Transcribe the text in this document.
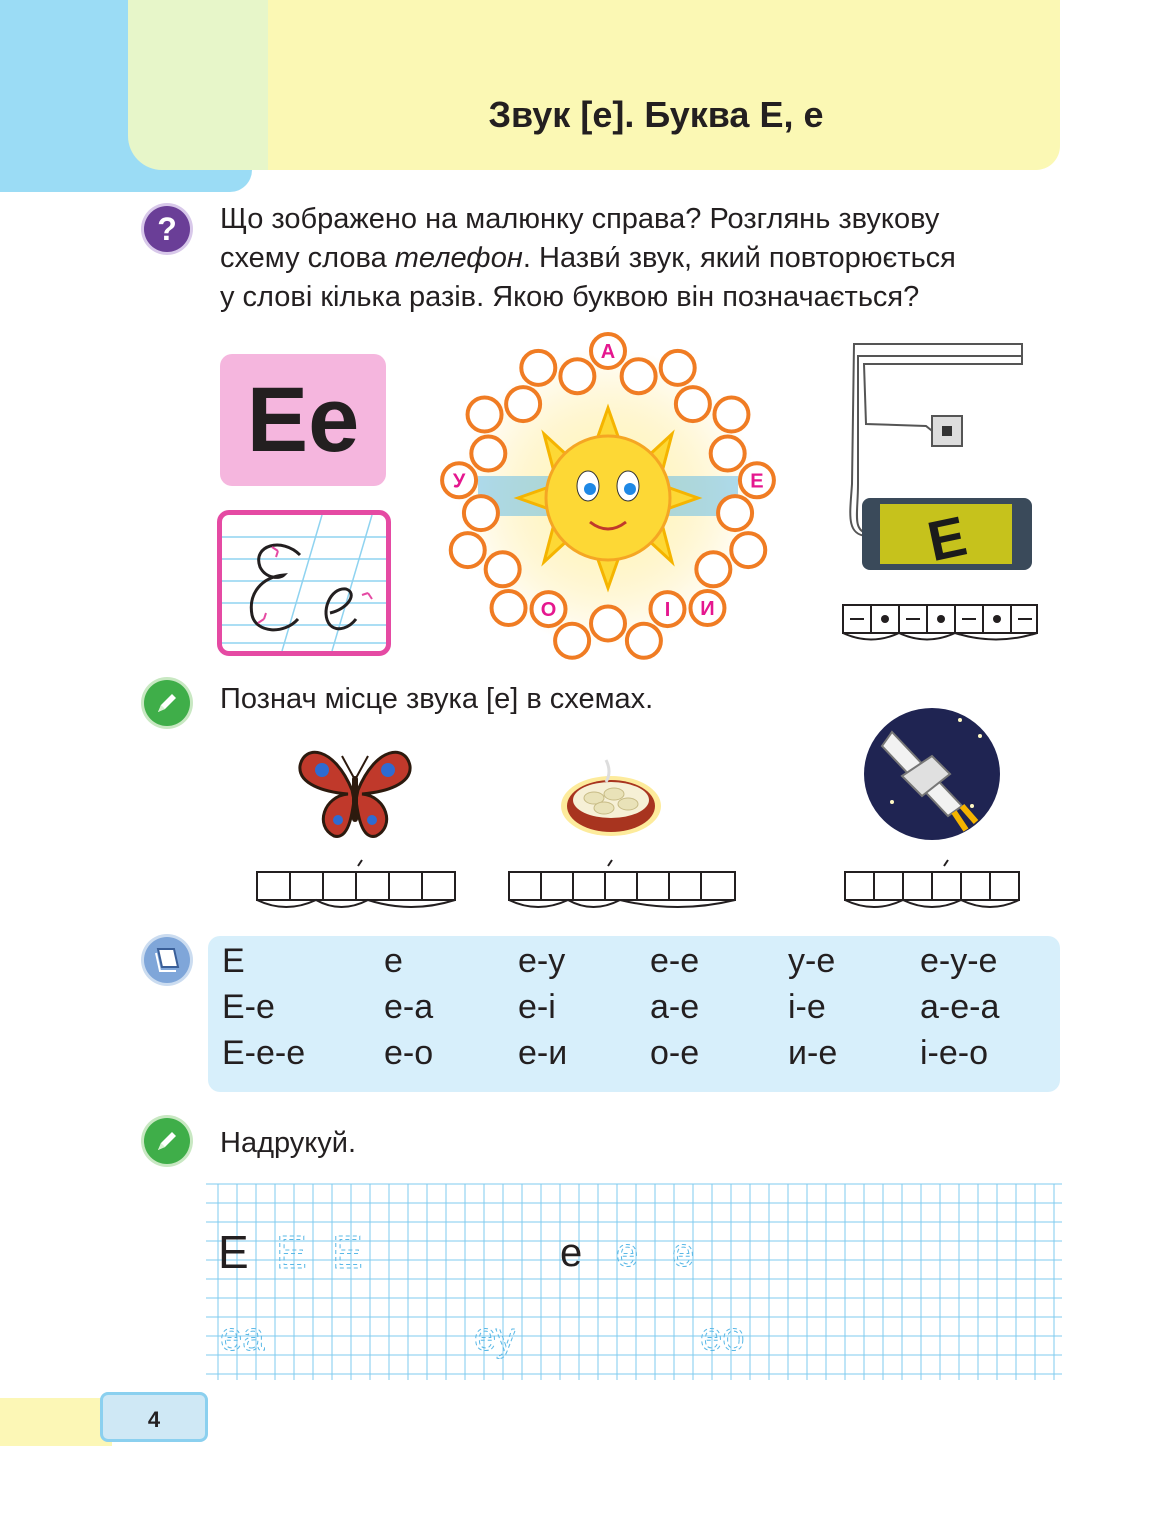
Звук [е]. Буква Е, е
?	Що зображено на малюнку справа? Розглянь звукову
схему слова телефон. Назви́ звук, який повторюється
у слові кілька разів. Якою буквою він позначається?
Ee
А
Е
И
І
О
У
Е
Познач місце звука [е] в схемах.
Е	е	е-у	е-е	у-е	е-у-е
Е-е	е-а	е-і	а-е	і-е	а-е-а
Е-е-е	е-о	е-и	о-е	и-е	і-е-о
Надрукуй.
Е Е Е	е е е
еа	еу	ео
4
